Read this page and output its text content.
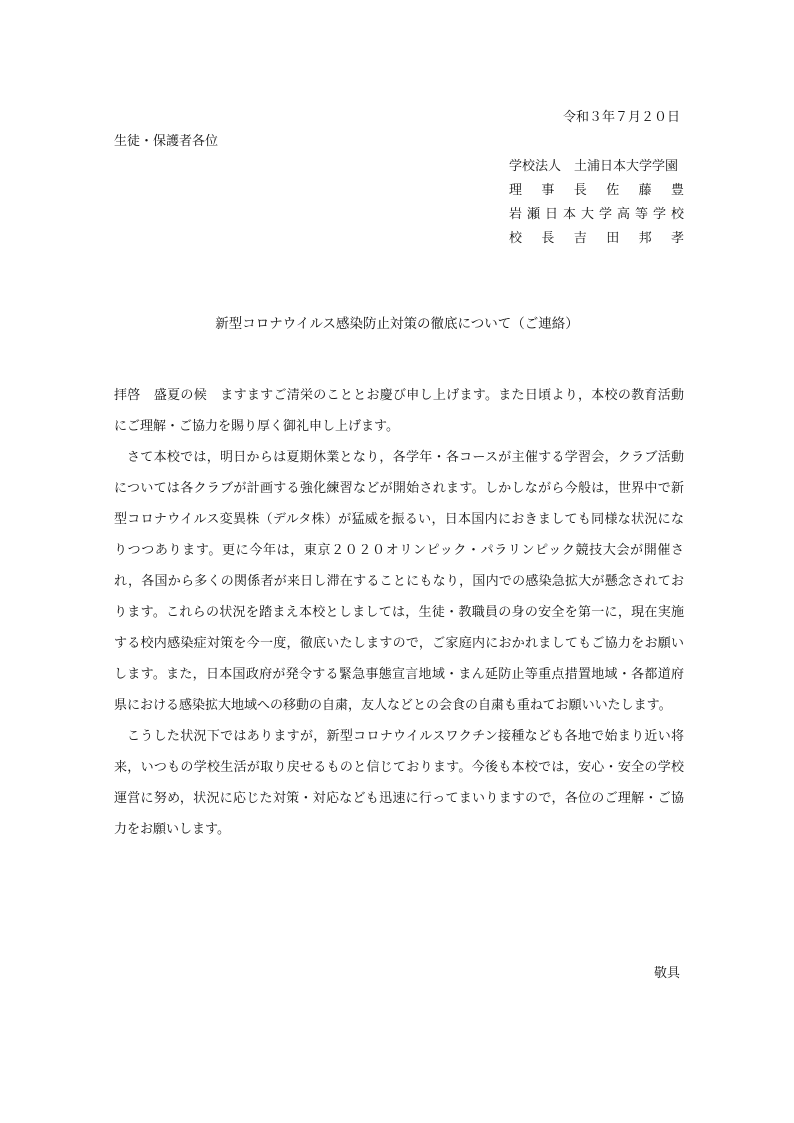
令和３年７月２０日
生徒・保護者各位
学校法人　土浦日本大学学園
理事長佐藤豊
岩瀬日本大学高等学校
校長吉田邦孝
新型コロナウイルス感染防止対策の徹底について（ご連絡）

拝啓　盛夏の候　ますますご清栄のこととお慶び申し上げます。また日頃より，本校の教育活動にご理解・ご協力を賜り厚く御礼申し上げます。

さて本校では，明日からは夏期休業となり，各学年・各コースが主催する学習会，クラブ活動については各クラブが計画する強化練習などが開始されます。しかしながら今般は，世界中で新型コロナウイルス変異株（デルタ株）が猛威を振るい，日本国内におきましても同様な状況になりつつあります。更に今年は，東京２０２０オリンピック・パラリンピック競技大会が開催され，各国から多くの関係者が来日し滞在することにもなり，国内での感染急拡大が懸念されております。これらの状況を踏まえ本校としましては，生徒・教職員の身の安全を第一に，現在実施する校内感染症対策を今一度，徹底いたしますので，ご家庭内におかれましてもご協力をお願いします。また，日本国政府が発令する緊急事態宣言地域・まん延防止等重点措置地域・各都道府県における感染拡大地域への移動の自粛，友人などとの会食の自粛も重ねてお願いいたします。

こうした状況下ではありますが，新型コロナウイルスワクチン接種なども各地で始まり近い将来，いつもの学校生活が取り戻せるものと信じております。今後も本校では，安心・安全の学校運営に努め，状況に応じた対策・対応なども迅速に行ってまいりますので，各位のご理解・ご協力をお願いします。

敬具
